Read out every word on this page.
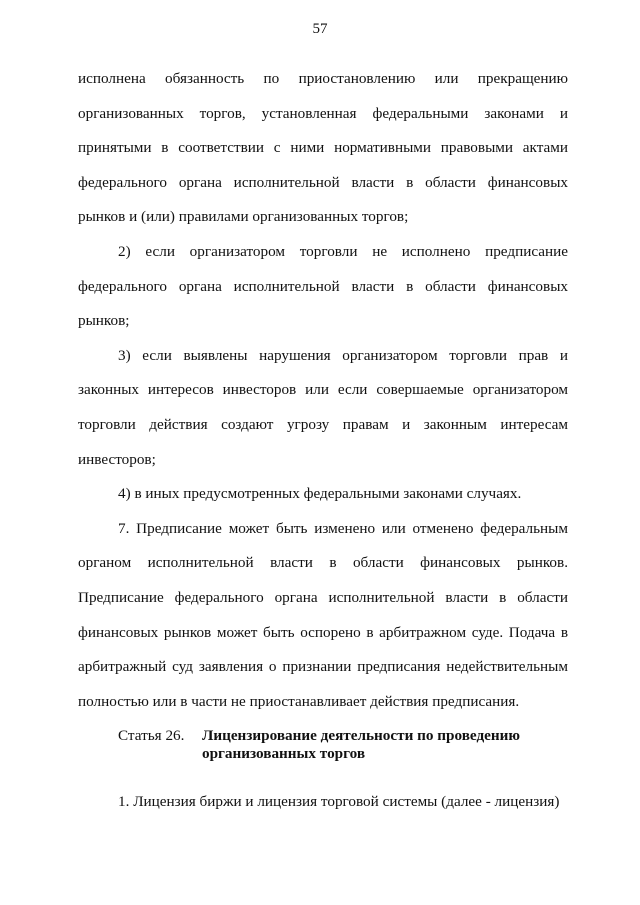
57

исполнена обязанность по приостановлению или прекращению организованных торгов, установленная федеральными законами и принятыми в соответствии с ними нормативными правовыми актами федерального органа исполнительной власти в области финансовых рынков и (или) правилами организованных торгов;

2) если организатором торговли не исполнено предписание федерального органа исполнительной власти в области финансовых рынков;

3) если выявлены нарушения организатором торговли прав и законных интересов инвесторов или если совершаемые организатором торговли действия создают угрозу правам и законным интересам инвесторов;

4) в иных предусмотренных федеральными законами случаях.

7. Предписание может быть изменено или отменено федеральным органом исполнительной власти в области финансовых рынков. Предписание федерального органа исполнительной власти в области финансовых рынков может быть оспорено в арбитражном суде. Подача в арбитражный суд заявления о признании предписания недействительным полностью или в части не приостанавливает действия предписания.

Статья 26.	Лицензирование деятельности по проведению организованных торгов

1. Лицензия биржи и лицензия торговой системы (далее - лицензия)
